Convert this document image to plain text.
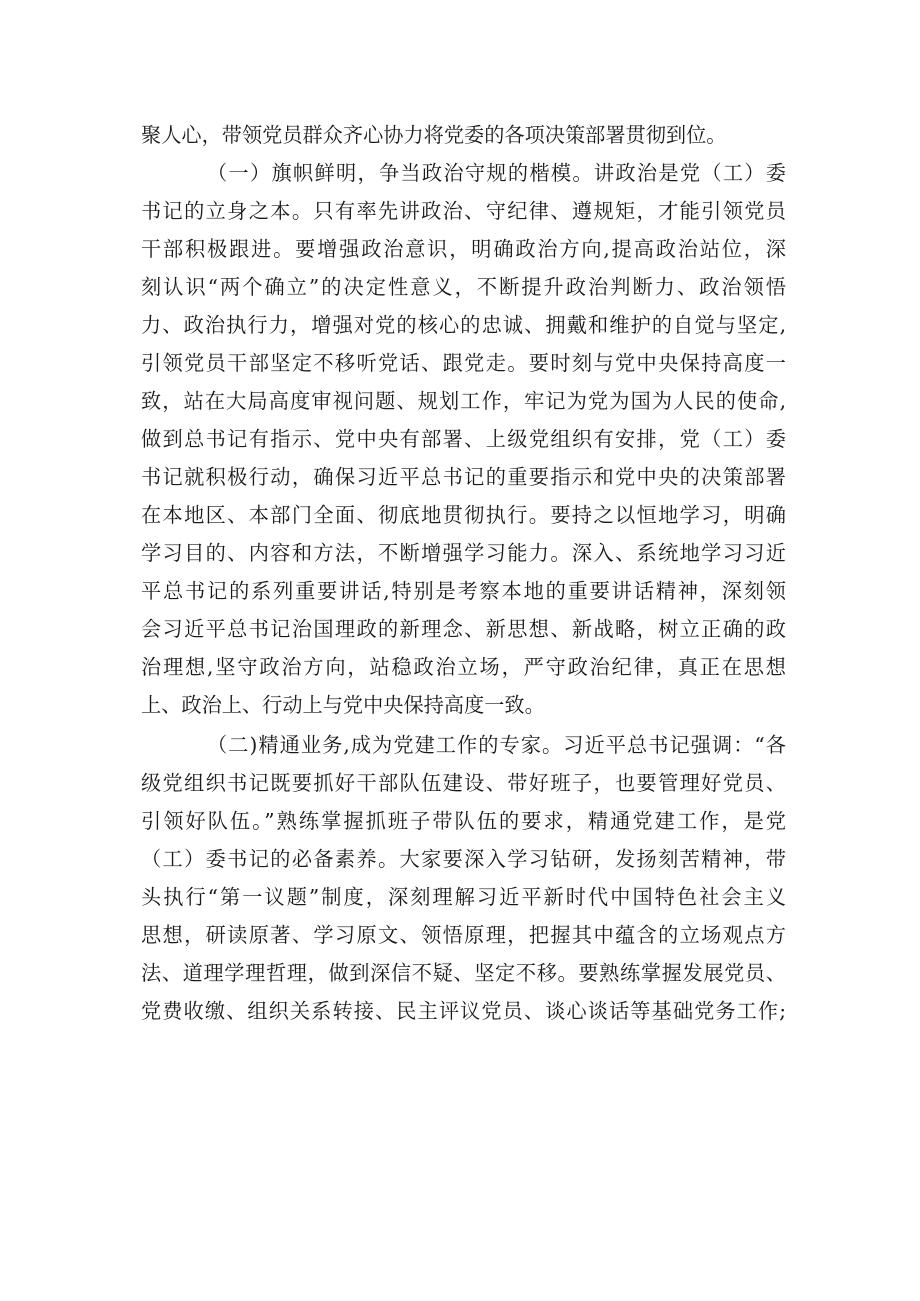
聚人心，带领党员群众齐心协力将党委的各项决策部署贯彻到位。

（一）旗帜鲜明，争当政治守规的楷模。讲政治是党（工）委
书记的立身之本。只有率先讲政治、守纪律、遵规矩，才能引领党员
干部积极跟进。要增强政治意识，明确政治方向,提高政治站位，深
刻认识“两个确立”的决定性意义，不断提升政治判断力、政治领悟
力、政治执行力，增强对党的核心的忠诚、拥戴和维护的自觉与坚定,
引领党员干部坚定不移听党话、跟党走。要时刻与党中央保持高度一
致，站在大局高度审视问题、规划工作，牢记为党为国为人民的使命,
做到总书记有指示、党中央有部署、上级党组织有安排，党（工）委
书记就积极行动，确保习近平总书记的重要指示和党中央的决策部署
在本地区、本部门全面、彻底地贯彻执行。要持之以恒地学习，明确
学习目的、内容和方法，不断增强学习能力。深入、系统地学习习近
平总书记的系列重要讲话,特别是考察本地的重要讲话精神，深刻领
会习近平总书记治国理政的新理念、新思想、新战略，树立正确的政
治理想,坚守政治方向，站稳政治立场，严守政治纪律，真正在思想
上、政治上、行动上与党中央保持高度一致。

（二)精通业务,成为党建工作的专家。习近平总书记强调：“各
级党组织书记既要抓好干部队伍建设、带好班子，也要管理好党员、
引领好队伍。”熟练掌握抓班子带队伍的要求，精通党建工作，是党
（工）委书记的必备素养。大家要深入学习钻研，发扬刻苦精神，带
头执行“第一议题”制度，深刻理解习近平新时代中国特色社会主义
思想，研读原著、学习原文、领悟原理，把握其中蕴含的立场观点方
法、道理学理哲理，做到深信不疑、坚定不移。要熟练掌握发展党员、
党费收缴、组织关系转接、民主评议党员、谈心谈话等基础党务工作;
